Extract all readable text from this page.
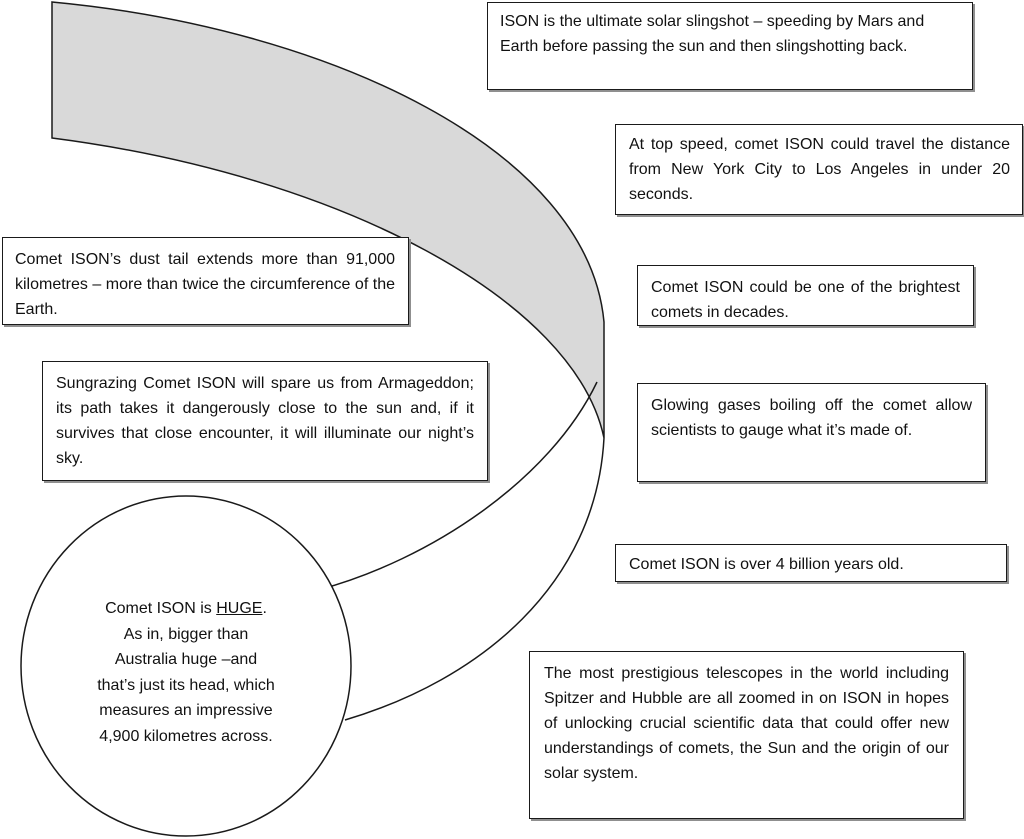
Comet ISON is HUGE.
As in, bigger than
Australia huge –and
that’s just its head, which
measures an impressive
4,900 kilometres across.
ISON is the ultimate solar slingshot – speeding by Mars and Earth before passing the sun and then slingshotting back.
At top speed, comet ISON could travel the distance from New York City to Los Angeles in under 20 seconds.
Comet ISON’s dust tail extends more than 91,000 kilometres – more than twice the circumference of the Earth.
Comet ISON could be one of the brightest comets in decades.
Sungrazing Comet ISON will spare us from Armageddon; its path takes it dangerously close to the sun and, if it survives that close encounter, it will illuminate our night’s sky.
Glowing gases boiling off the comet allow scientists to gauge what it’s made of.
Comet ISON is over 4 billion years old.
The most prestigious telescopes in the world including Spitzer and Hubble are all zoomed in on ISON in hopes of unlocking crucial scientific data that could offer new understandings of comets, the Sun and the origin of our solar system.
